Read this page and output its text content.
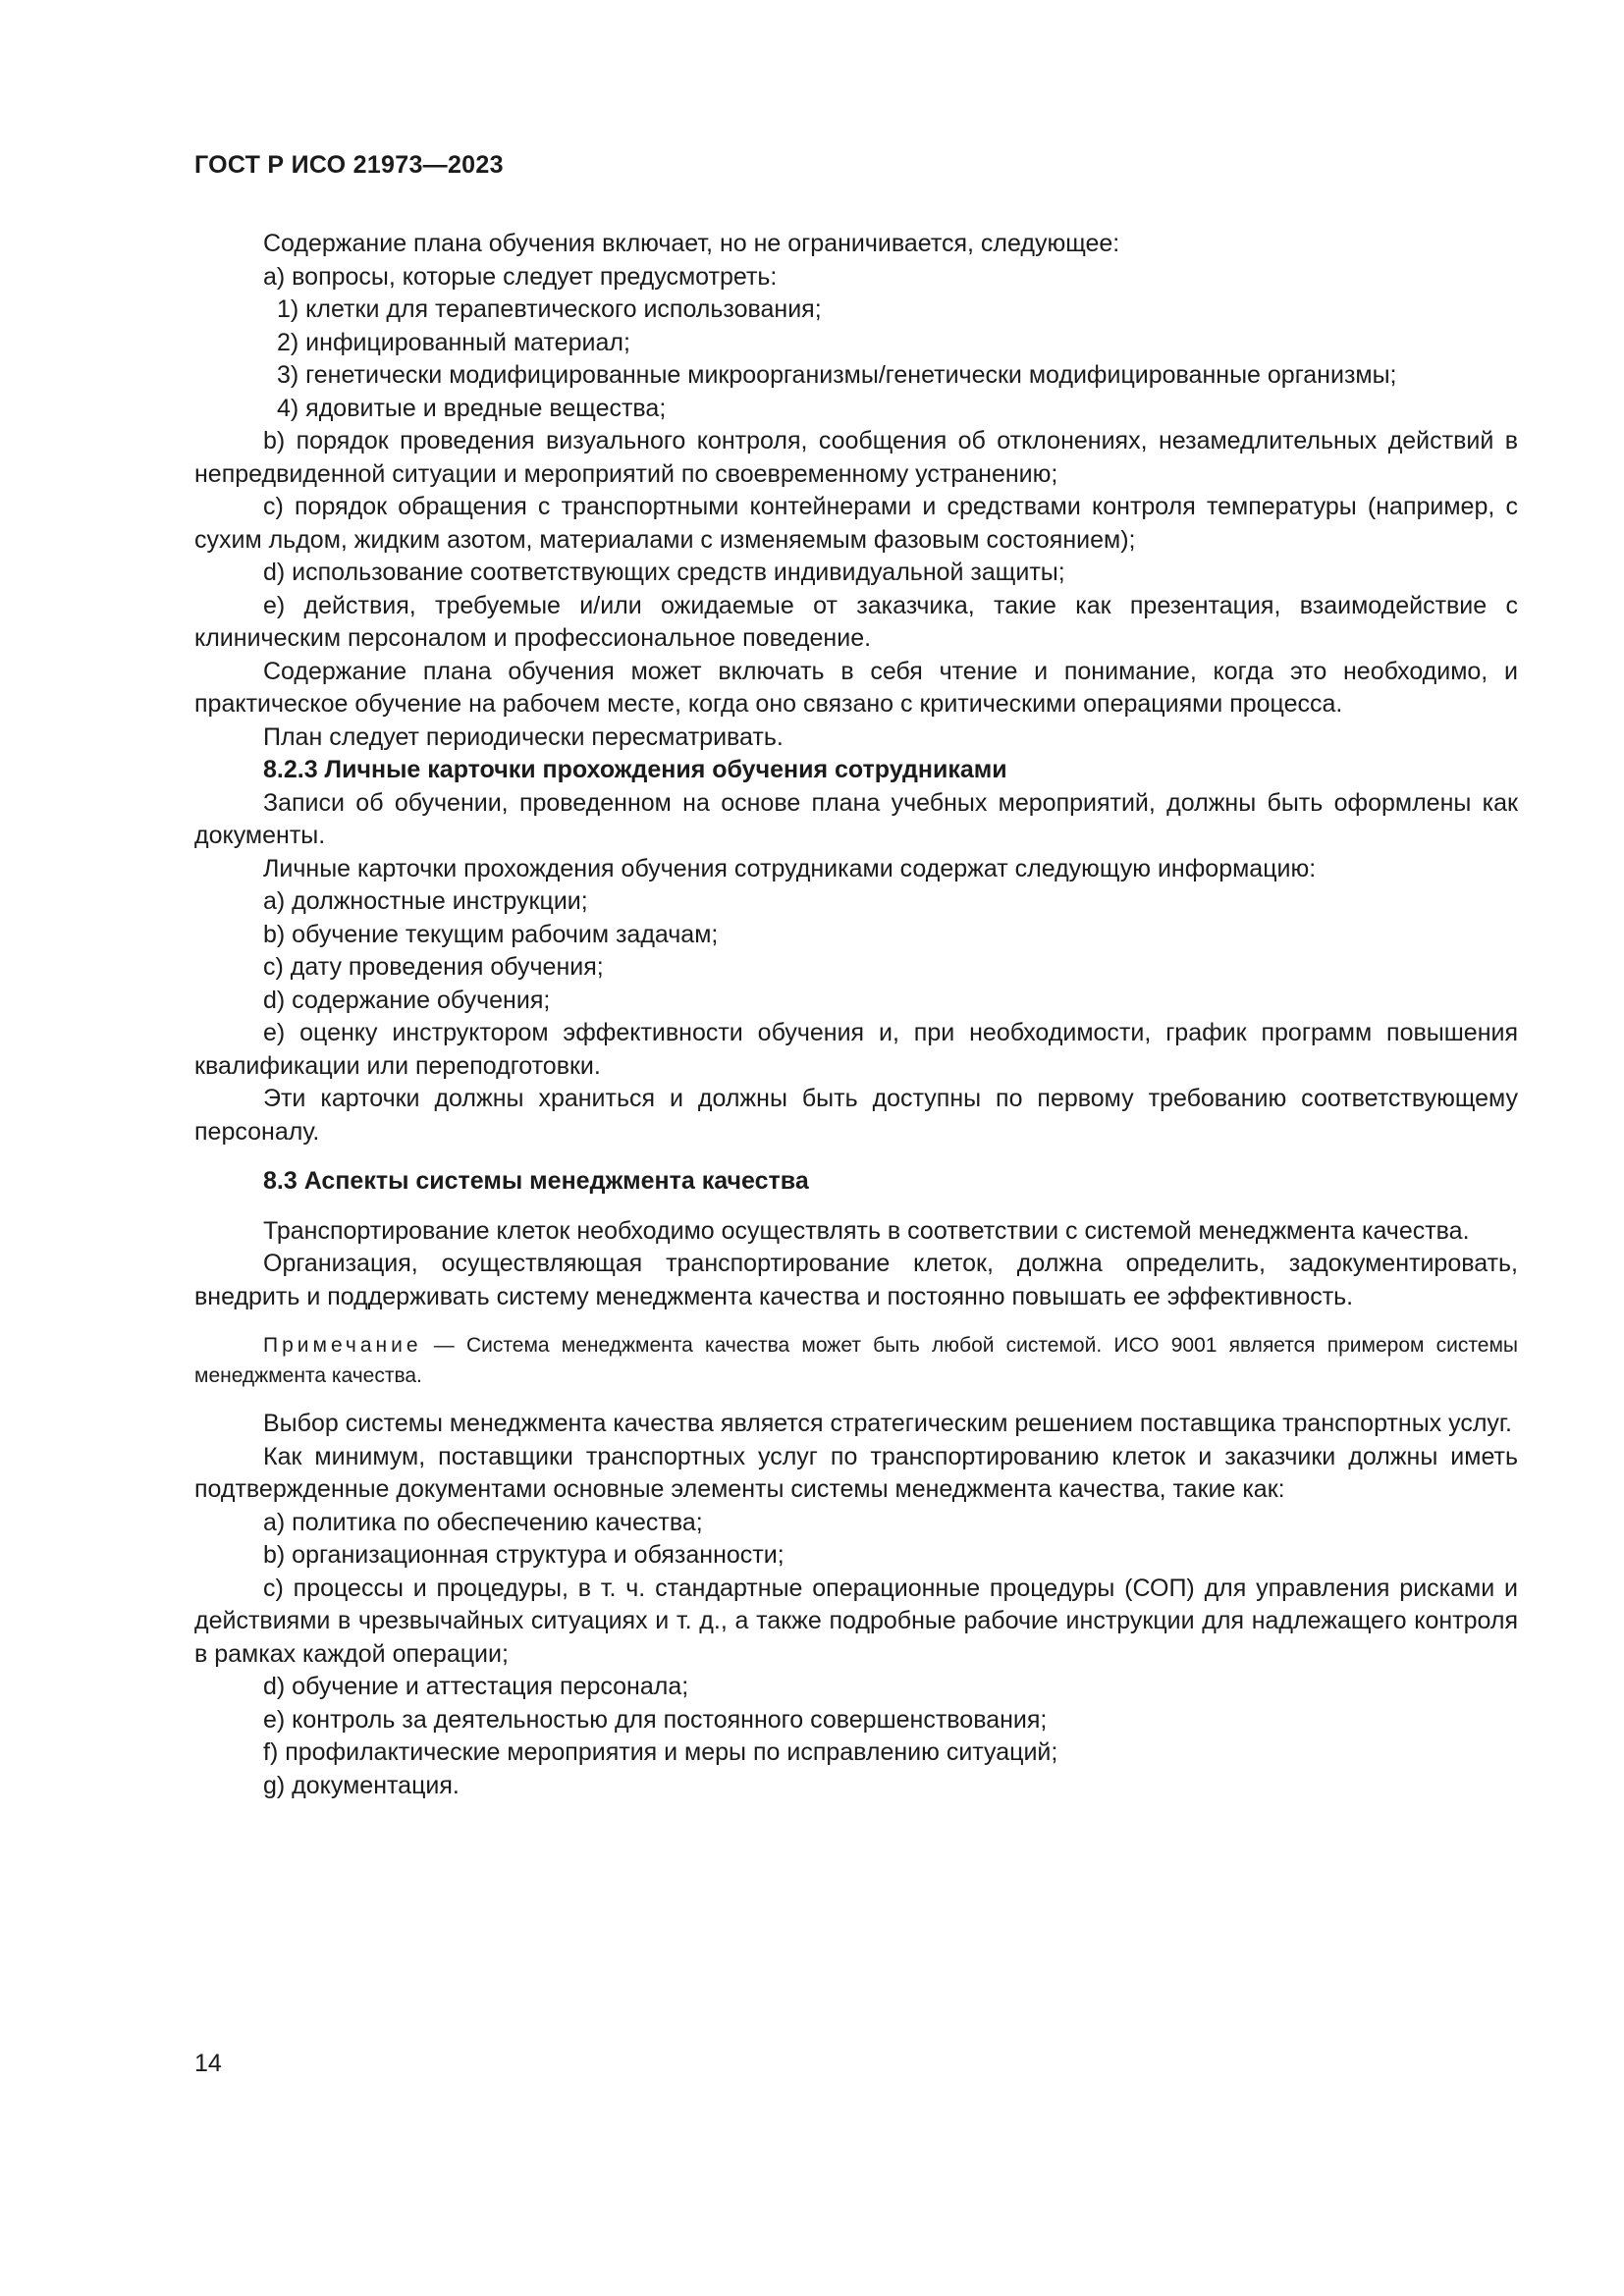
ГОСТ Р ИСО 21973—2023

Содержание плана обучения включает, но не ограничивается, следующее:

a) вопросы, которые следует предусмотреть:

1) клетки для терапевтического использования;

2) инфицированный материал;

3) генетически модифицированные микроорганизмы/генетически модифицированные организмы;

4) ядовитые и вредные вещества;

b) порядок проведения визуального контроля, сообщения об отклонениях, незамедлительных действий в непредвиденной ситуации и мероприятий по своевременному устранению;

c) порядок обращения с транспортными контейнерами и средствами контроля температуры (например, с сухим льдом, жидким азотом, материалами с изменяемым фазовым состоянием);

d) использование соответствующих средств индивидуальной защиты;

e) действия, требуемые и/или ожидаемые от заказчика, такие как презентация, взаимодействие с клиническим персоналом и профессиональное поведение.

Содержание плана обучения может включать в себя чтение и понимание, когда это необходимо, и практическое обучение на рабочем месте, когда оно связано с критическими операциями процесса.

План следует периодически пересматривать.

8.2.3 Личные карточки прохождения обучения сотрудниками

Записи об обучении, проведенном на основе плана учебных мероприятий, должны быть оформлены как документы.

Личные карточки прохождения обучения сотрудниками содержат следующую информацию:

a) должностные инструкции;

b) обучение текущим рабочим задачам;

c) дату проведения обучения;

d) содержание обучения;

e) оценку инструктором эффективности обучения и, при необходимости, график программ повышения квалификации или переподготовки.

Эти карточки должны храниться и должны быть доступны по первому требованию соответствующему персоналу.

8.3 Аспекты системы менеджмента качества

Транспортирование клеток необходимо осуществлять в соответствии с системой менеджмента качества.

Организация, осуществляющая транспортирование клеток, должна определить, задокументировать, внедрить и поддерживать систему менеджмента качества и постоянно повышать ее эффективность.

Примечание — Система менеджмента качества может быть любой системой. ИСО 9001 является примером системы менеджмента качества.

Выбор системы менеджмента качества является стратегическим решением поставщика транспортных услуг.

Как минимум, поставщики транспортных услуг по транспортированию клеток и заказчики должны иметь подтвержденные документами основные элементы системы менеджмента качества, такие как:

a) политика по обеспечению качества;

b) организационная структура и обязанности;

c) процессы и процедуры, в т. ч. стандартные операционные процедуры (СОП) для управления рисками и действиями в чрезвычайных ситуациях и т. д., а также подробные рабочие инструкции для надлежащего контроля в рамках каждой операции;

d) обучение и аттестация персонала;

e) контроль за деятельностью для постоянного совершенствования;

f) профилактические мероприятия и меры по исправлению ситуаций;

g) документация.

14
